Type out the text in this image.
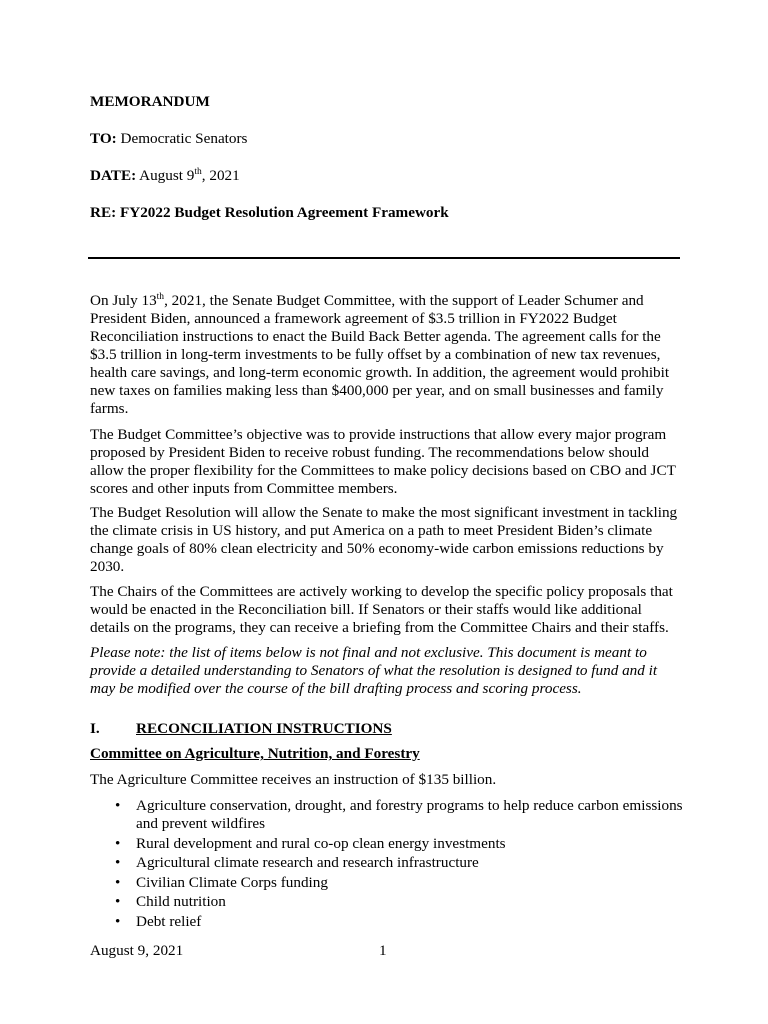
MEMORANDUM
TO: Democratic Senators
DATE: August 9th, 2021
RE: FY2022 Budget Resolution Agreement Framework
On July 13th, 2021, the Senate Budget Committee, with the support of Leader Schumer and
President Biden, announced a framework agreement of $3.5 trillion in FY2022 Budget
Reconciliation instructions to enact the Build Back Better agenda. The agreement calls for the
$3.5 trillion in long-term investments to be fully offset by a combination of new tax revenues,
health care savings, and long-term economic growth. In addition, the agreement would prohibit
new taxes on families making less than $400,000 per year, and on small businesses and family
farms.
The Budget Committee’s objective was to provide instructions that allow every major program
proposed by President Biden to receive robust funding. The recommendations below should
allow the proper flexibility for the Committees to make policy decisions based on CBO and JCT
scores and other inputs from Committee members.
The Budget Resolution will allow the Senate to make the most significant investment in tackling
the climate crisis in US history, and put America on a path to meet President Biden’s climate
change goals of 80% clean electricity and 50% economy-wide carbon emissions reductions by
2030.
The Chairs of the Committees are actively working to develop the specific policy proposals that
would be enacted in the Reconciliation bill. If Senators or their staffs would like additional
details on the programs, they can receive a briefing from the Committee Chairs and their staffs.
Please note: the list of items below is not final and not exclusive. This document is meant to
provide a detailed understanding to Senators of what the resolution is designed to fund and it
may be modified over the course of the bill drafting process and scoring process.
I. RECONCILIATION INSTRUCTIONS
Committee on Agriculture, Nutrition, and Forestry
The Agriculture Committee receives an instruction of $135 billion.
• Agriculture conservation, drought, and forestry programs to help reduce carbon emissions
and prevent wildfires
• Rural development and rural co-op clean energy investments
• Agricultural climate research and research infrastructure
• Civilian Climate Corps funding
• Child nutrition
• Debt relief
August 9, 2021	1
